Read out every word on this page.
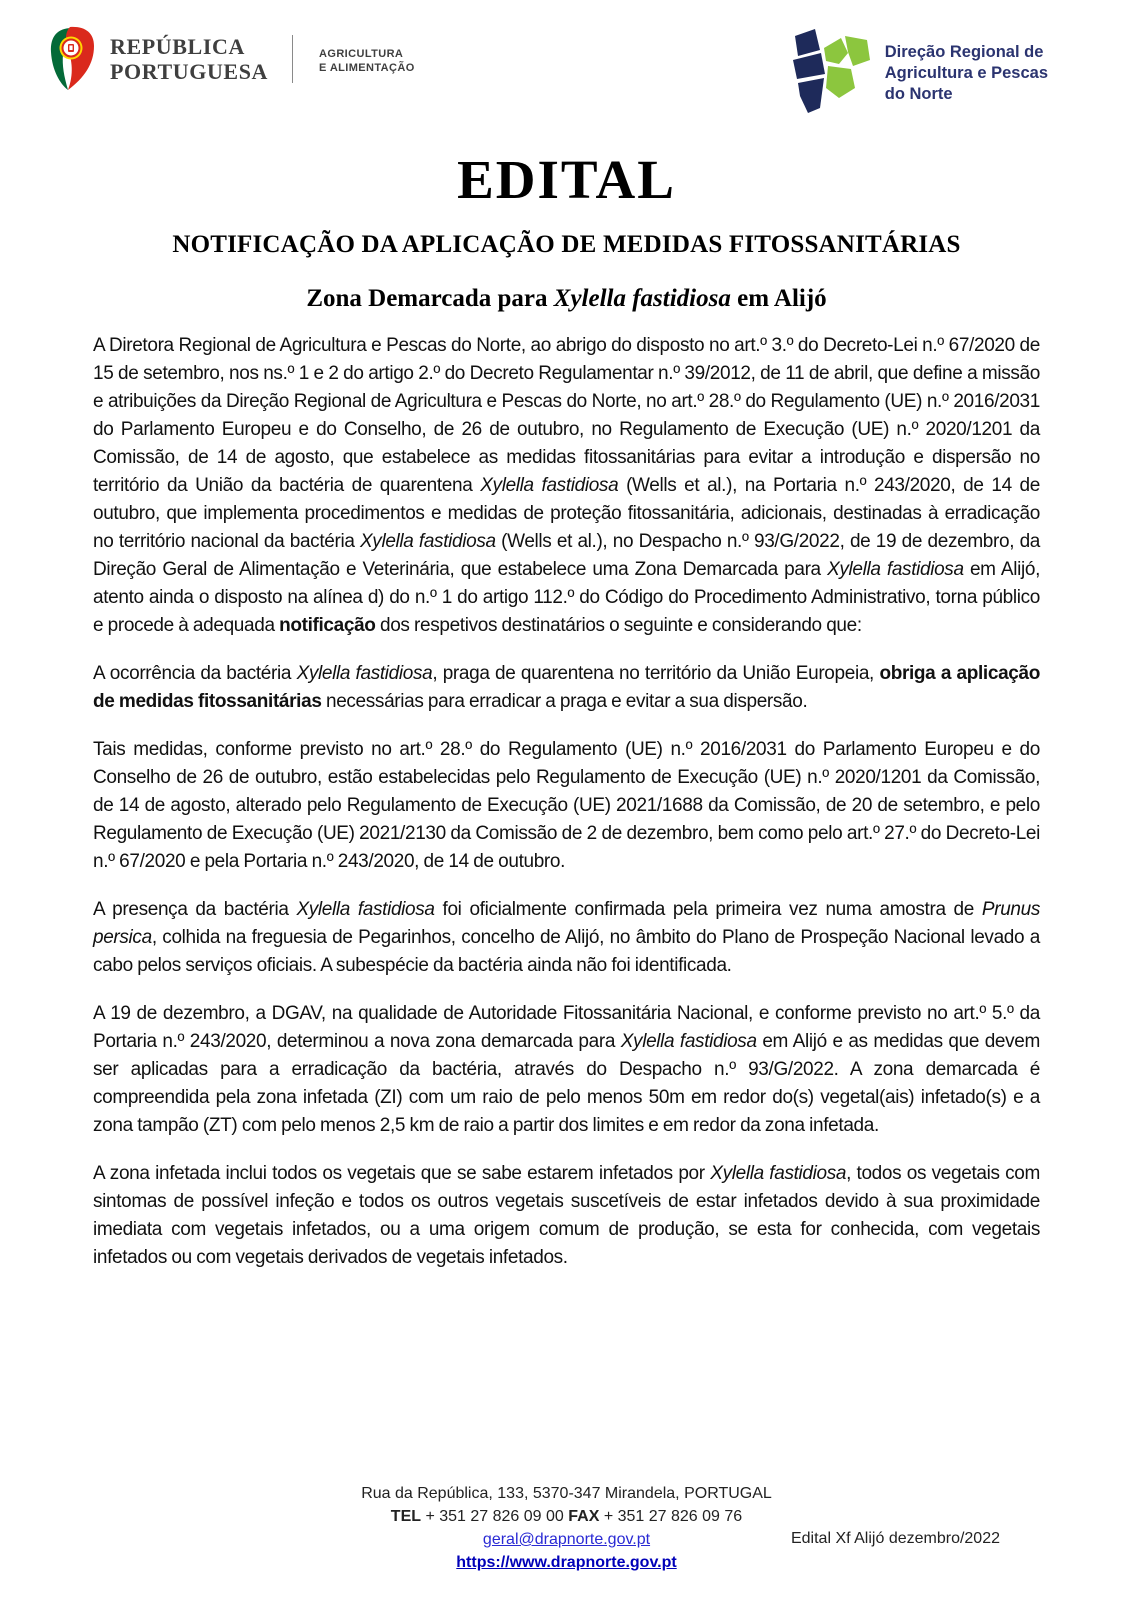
REPÚBLICA
PORTUGUESA
AGRICULTURA
E ALIMENTAÇÃO
Direção Regional de
Agricultura e Pescas
do Norte
EDITAL
NOTIFICAÇÃO DA APLICAÇÃO DE MEDIDAS FITOSSANITÁRIAS
Zona Demarcada para Xylella fastidiosa em Alijó

A Diretora Regional de Agricultura e Pescas do Norte, ao abrigo do disposto no art.º 3.º do Decreto-Lei n.º 67/2020 de 15 de setembro, nos ns.º 1 e 2 do artigo 2.º do Decreto Regulamentar n.º 39/2012, de 11 de abril, que define a missão e atribuições da Direção Regional de Agricultura e Pescas do Norte, no art.º 28.º do Regulamento (UE) n.º 2016/2031 do Parlamento Europeu e do Conselho, de 26 de outubro, no Regulamento de Execução (UE) n.º 2020/1201 da Comissão, de 14 de agosto, que estabelece as medidas fitossanitárias para evitar a introdução e dispersão no território da União da bactéria de quarentena Xylella fastidiosa (Wells et al.), na Portaria n.º 243/2020, de 14 de outubro, que implementa procedimentos e medidas de proteção fitossanitária, adicionais, destinadas à erradicação no território nacional da bactéria Xylella fastidiosa (Wells et al.), no Despacho n.º 93/G/2022, de 19 de dezembro, da Direção Geral de Alimentação e Veterinária, que estabelece uma Zona Demarcada para Xylella fastidiosa em Alijó, atento ainda o disposto na alínea d) do n.º 1 do artigo 112.º do Código do Procedimento Administrativo, torna público e procede à adequada notificação dos respetivos destinatários o seguinte e considerando que:

A ocorrência da bactéria Xylella fastidiosa, praga de quarentena no território da União Europeia, obriga a aplicação de medidas fitossanitárias necessárias para erradicar a praga e evitar a sua dispersão.

Tais medidas, conforme previsto no art.º 28.º do Regulamento (UE) n.º 2016/2031 do Parlamento Europeu e do Conselho de 26 de outubro, estão estabelecidas pelo Regulamento de Execução (UE) n.º 2020/1201 da Comissão, de 14 de agosto, alterado pelo Regulamento de Execução (UE) 2021/1688 da Comissão, de 20 de setembro, e pelo Regulamento de Execução (UE) 2021/2130 da Comissão de 2 de dezembro, bem como pelo art.º 27.º do Decreto-Lei n.º 67/2020 e pela Portaria n.º 243/2020, de 14 de outubro.

A presença da bactéria Xylella fastidiosa foi oficialmente confirmada pela primeira vez numa amostra de Prunus persica, colhida na freguesia de Pegarinhos, concelho de Alijó, no âmbito do Plano de Prospeção Nacional levado a cabo pelos serviços oficiais. A subespécie da bactéria ainda não foi identificada.

A 19 de dezembro, a DGAV, na qualidade de Autoridade Fitossanitária Nacional, e conforme previsto no art.º 5.º da Portaria n.º 243/2020, determinou a nova zona demarcada para Xylella fastidiosa em Alijó e as medidas que devem ser aplicadas para a erradicação da bactéria, através do Despacho n.º 93/G/2022. A zona demarcada é compreendida pela zona infetada (ZI) com um raio de pelo menos 50m em redor do(s) vegetal(ais) infetado(s) e a zona tampão (ZT) com pelo menos 2,5 km de raio a partir dos limites e em redor da zona infetada.

A zona infetada inclui todos os vegetais que se sabe estarem infetados por Xylella fastidiosa, todos os vegetais com sintomas de possível infeção e todos os outros vegetais suscetíveis de estar infetados devido à sua proximidade imediata com vegetais infetados, ou a uma origem comum de produção, se esta for conhecida, com vegetais infetados ou com vegetais derivados de vegetais infetados.

Rua da República, 133, 5370-347 Mirandela, PORTUGAL
TEL + 351 27 826 09 00 FAX + 351 27 826 09 76
geral@drapnorte.gov.pt
https://www.drapnorte.gov.pt
Edital Xf Alijó dezembro/2022
